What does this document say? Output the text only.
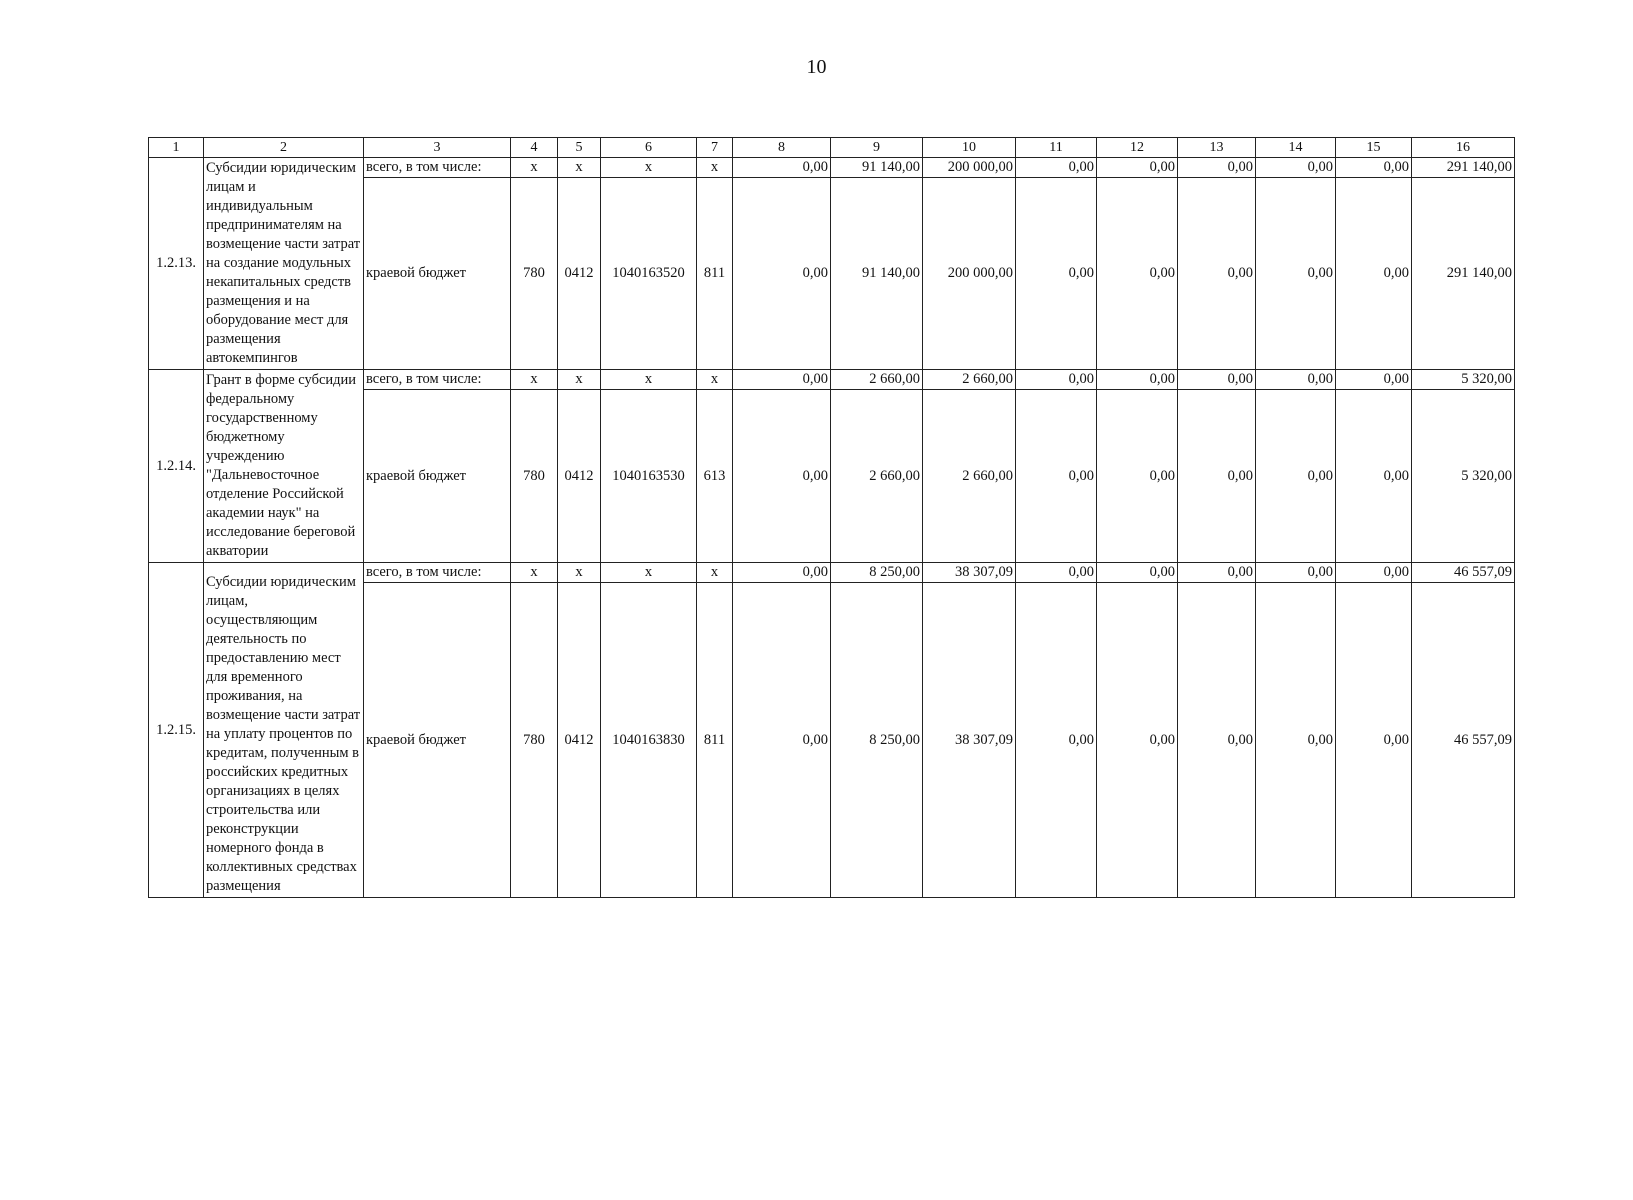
10
1	2	3	4	5	6	7	8	9	10	11	12	13	14	15	16
1.2.13.	Субсидии юридическим лицам и индивидуальным предпринимателям на возмещение части затрат на создание модульных некапитальных средств размещения и на оборудование мест для размещения автокемпингов	всего, в том числе:	x	x	x	x	0,00	91 140,00	200 000,00	0,00	0,00	0,00	0,00	0,00	291 140,00
		краевой бюджет	780	0412	1040163520	811	0,00	91 140,00	200 000,00	0,00	0,00	0,00	0,00	0,00	291 140,00
1.2.14.	Грант в форме субсидии федеральному государственному бюджетному учреждению "Дальневосточное отделение Российской академии наук" на исследование береговой акватории	всего, в том числе:	x	x	x	x	0,00	2 660,00	2 660,00	0,00	0,00	0,00	0,00	0,00	5 320,00
		краевой бюджет	780	0412	1040163530	613	0,00	2 660,00	2 660,00	0,00	0,00	0,00	0,00	0,00	5 320,00
1.2.15.	Субсидии юридическим лицам, осуществляющим деятельность по предоставлению мест для временного проживания, на возмещение части затрат на уплату процентов по кредитам, полученным в российских кредитных организациях в целях строительства или реконструкции номерного фонда в коллективных средствах размещения	всего, в том числе:	x	x	x	x	0,00	8 250,00	38 307,09	0,00	0,00	0,00	0,00	0,00	46 557,09
		краевой бюджет	780	0412	1040163830	811	0,00	8 250,00	38 307,09	0,00	0,00	0,00	0,00	0,00	46 557,09
